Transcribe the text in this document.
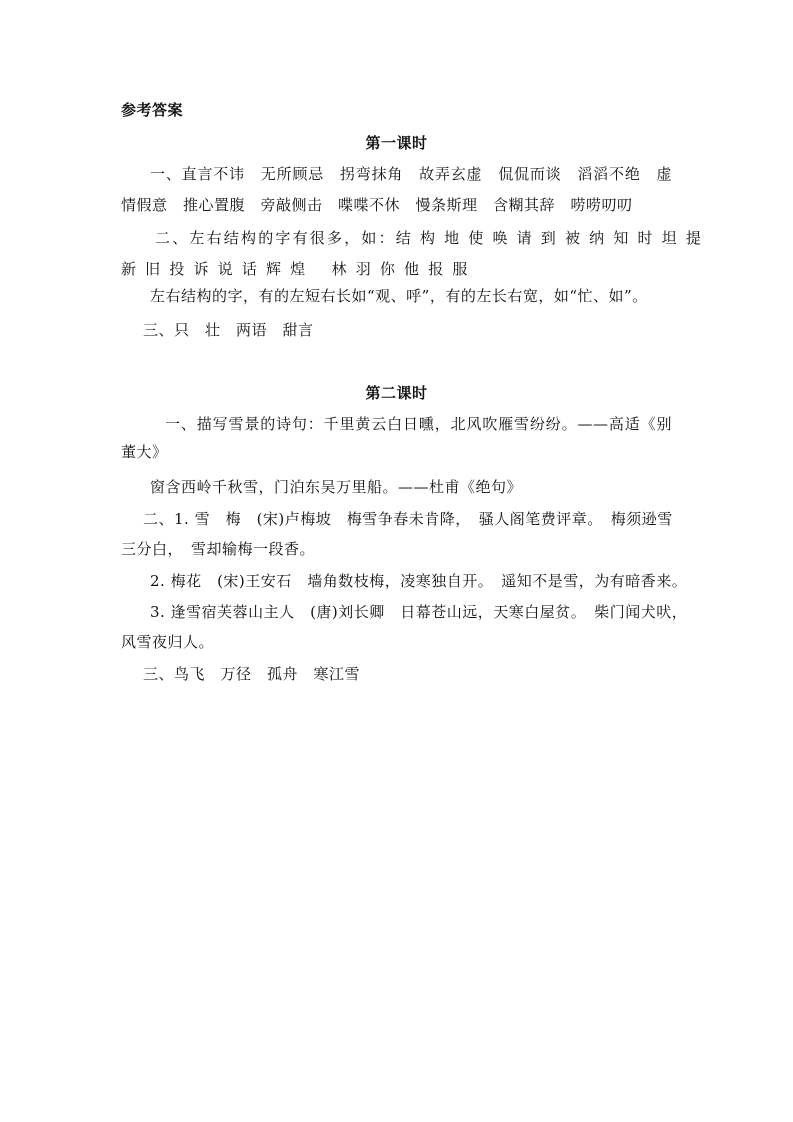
参考答案
第一课时
一、直言不讳　无所顾忌　拐弯抹角　故弄玄虚　侃侃而谈　滔滔不绝　虚
情假意　推心置腹　旁敲侧击　喋喋不休　慢条斯理　含糊其辞　唠唠叨叨
二、左右结构的字有很多，如：结 构 地 使 唤 请 到 被 纳 知 时 坦 提
新 旧 投 诉 说 话 辉 煌　 林 羽 你 他 报 服
左右结构的字，有的左短右长如“观、呼”，有的左长右宽，如“忙、如”。
三、只　壮　两语　甜言
第二课时
一、描写雪景的诗句：千里黄云白日曛，北风吹雁雪纷纷。——高适《别
董大》
窗含西岭千秋雪，门泊东吴万里船。——杜甫《绝句》
二、1. 雪　梅　(宋)卢梅坡　梅雪争春未肯降，　骚人阁笔费评章。　梅须逊雪
三分白，　雪却输梅一段香。
2. 梅花　(宋)王安石　墙角数枝梅，凌寒独自开。　遥知不是雪，为有暗香来。
3. 逢雪宿芙蓉山主人　(唐)刘长卿　日幕苍山远，天寒白屋贫。　柴门闻犬吠，
风雪夜归人。
三、鸟飞　万径　孤舟　寒江雪
